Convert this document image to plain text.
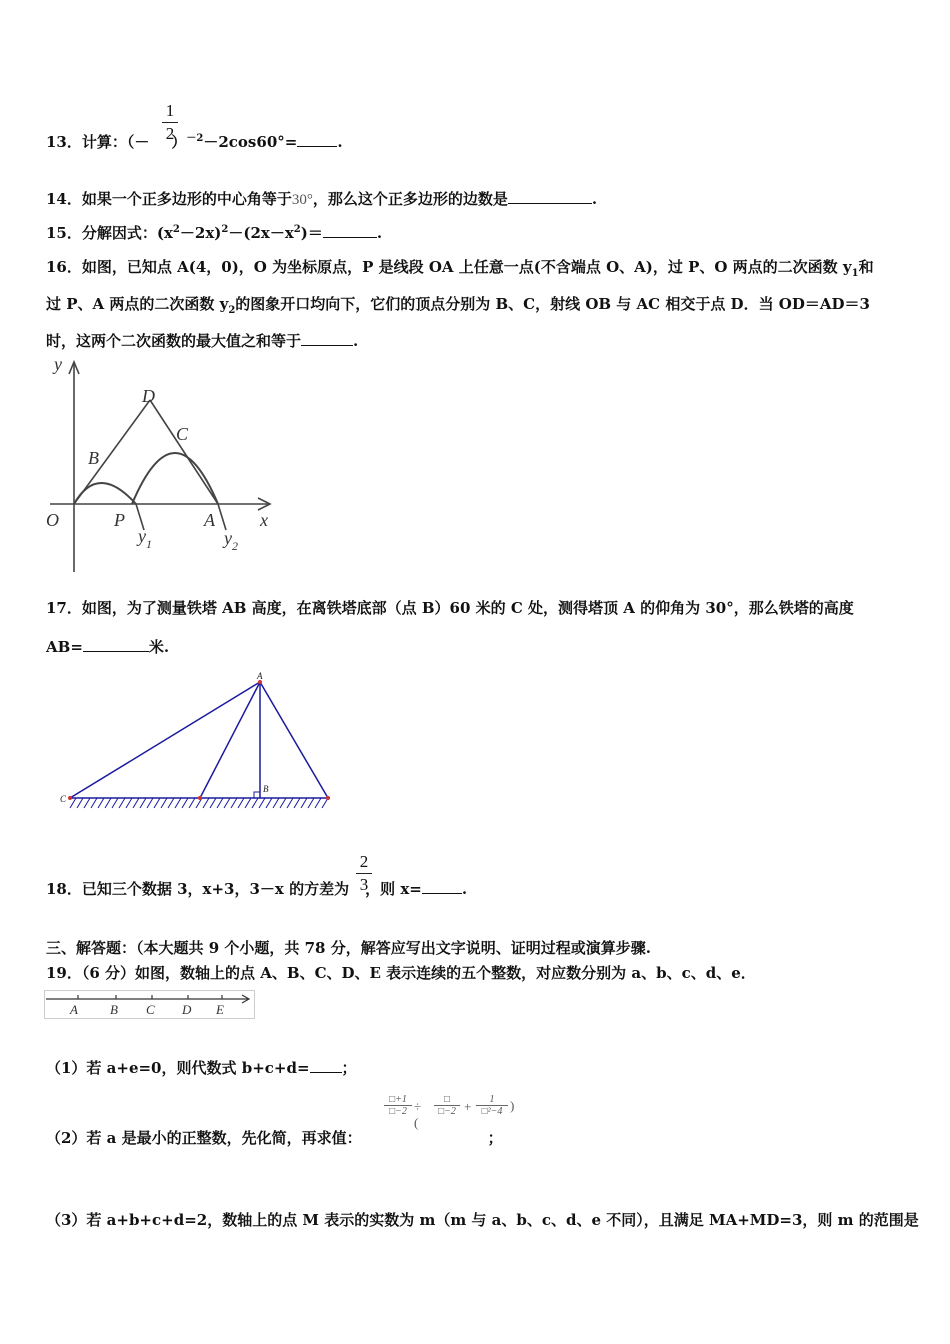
13．计算：（－ ）$^{-2}$－2cos60°=	.
1
2
14．如果一个正多边形的中心角等于30°，那么这个正多边形的边数是	.
15．分解因式：$(x^2-2x)^2-(2x-x^2)=$	.
16．如图，已知点 A(4，0)，O 为坐标原点，P 是线段 OA 上任意一点(不含端点 O、A)，过 P、O 两点的二次函数 $y_1$和
过 P、A 两点的二次函数 $y_2$的图象开口均向下，它们的顶点分别为 B、C，射线 OB 与 AC 相交于点 D．当 OD＝AD＝3
时，这两个二次函数的最大值之和等于	.
y
x
O	P	A
B
C
D
$y_1$	$y_2$
17．如图，为了测量铁塔 AB 高度，在离铁塔底部（点 B）60 米的 C 处，测得塔顶 A 的仰角为 30°，那么铁塔的高度
AB=	米.
A
B
C
18．已知三个数据 3，x+3，3－x 的方差为 ，则 x=	.
2
3
三、解答题：（本大题共 9 个小题，共 78 分，解答应写出文字说明、证明过程或演算步骤.
19．（6 分）如图，数轴上的点 A、B、C、D、E 表示连续的五个整数，对应数分别为 a、b、c、d、e．
A B C D E
（1）若 a+e=0，则代数式 b+c+d= ；
□+1
□−2 ÷ (
□
□−2 +	1
□²−4 )
（2）若 a 是最小的正整数，先化简，再求值：	；
（3）若 a+b+c+d=2，数轴上的点 M 表示的实数为 m（m 与 a、b、c、d、e 不同），且满足 MA+MD=3，则 m 的范围是
